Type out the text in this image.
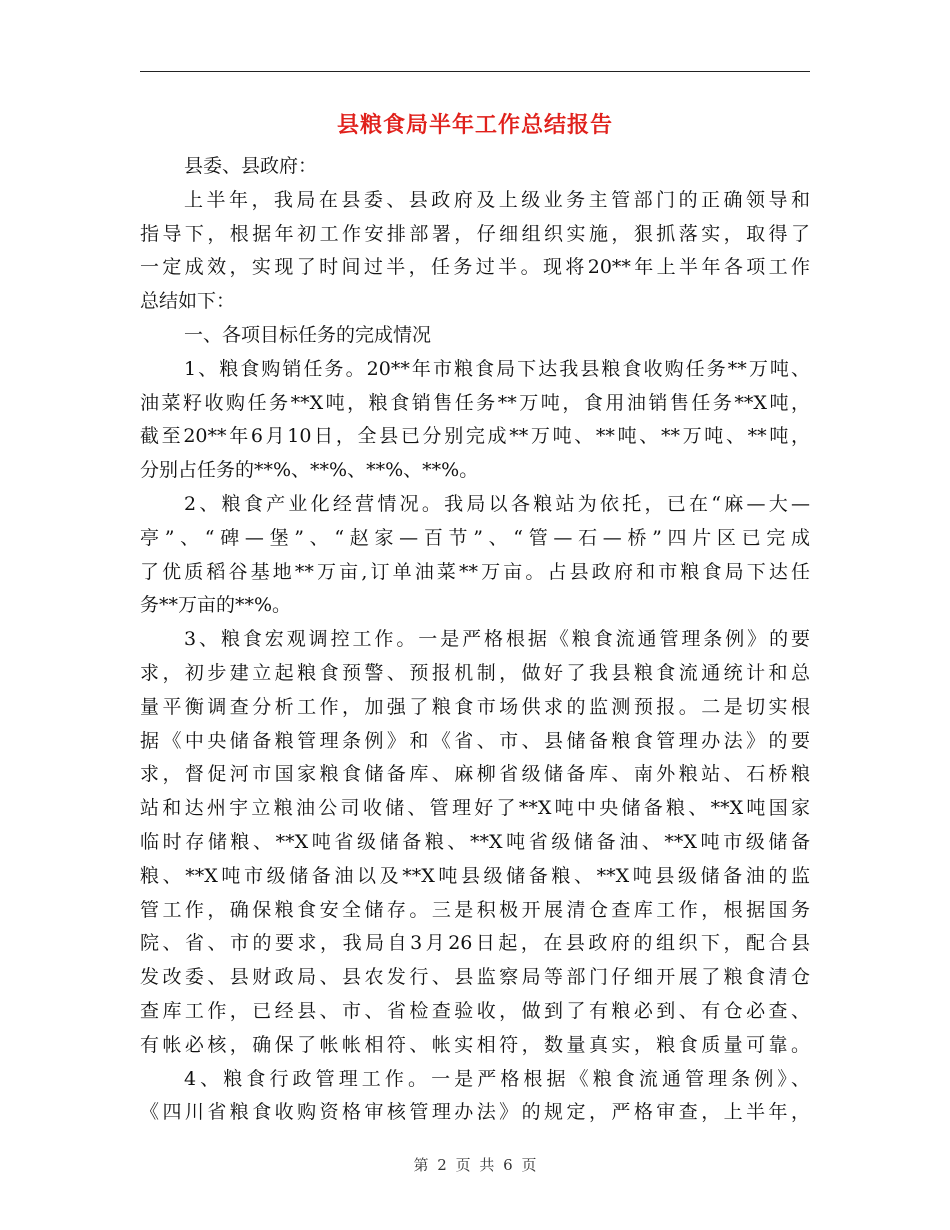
县粮食局半年工作总结报告
县委、县政府：
上半年，我局在县委、县政府及上级业务主管部门的正确领导和
指导下，根据年初工作安排部署，仔细组织实施，狠抓落实，取得了
一定成效，实现了时间过半，任务过半。现将20**年上半年各项工作
总结如下：
一、各项目标任务的完成情况
1、粮食购销任务。20**年市粮食局下达我县粮食收购任务**万吨、
油菜籽收购任务**X吨，粮食销售任务**万吨，食用油销售任务**X吨，
截至20**年6月10日，全县已分别完成**万吨、**吨、**万吨、**吨，
分别占任务的**%、**%、**%、**%。
2、粮食产业化经营情况。我局以各粮站为依托，已在“麻—大—
亭”、“碑—堡”、“赵家—百节”、“管—石—桥”四片区已完成
了优质稻谷基地**万亩,订单油菜**万亩。占县政府和市粮食局下达任
务**万亩的**%。
3、粮食宏观调控工作。一是严格根据《粮食流通管理条例》的要
求，初步建立起粮食预警、预报机制，做好了我县粮食流通统计和总
量平衡调查分析工作，加强了粮食市场供求的监测预报。二是切实根
据《中央储备粮管理条例》和《省、市、县储备粮食管理办法》的要
求，督促河市国家粮食储备库、麻柳省级储备库、南外粮站、石桥粮
站和达州宇立粮油公司收储、管理好了**X吨中央储备粮、**X吨国家
临时存储粮、**X吨省级储备粮、**X吨省级储备油、**X吨市级储备
粮、**X吨市级储备油以及**X吨县级储备粮、**X吨县级储备油的监
管工作，确保粮食安全储存。三是积极开展清仓查库工作，根据国务
院、省、市的要求，我局自3月26日起，在县政府的组织下，配合县
发改委、县财政局、县农发行、县监察局等部门仔细开展了粮食清仓
查库工作，已经县、市、省检查验收，做到了有粮必到、有仓必查、
有帐必核，确保了帐帐相符、帐实相符，数量真实，粮食质量可靠。
4、粮食行政管理工作。一是严格根据《粮食流通管理条例》、
《四川省粮食收购资格审核管理办法》的规定，严格审查，上半年，
第 2 页 共 6 页
